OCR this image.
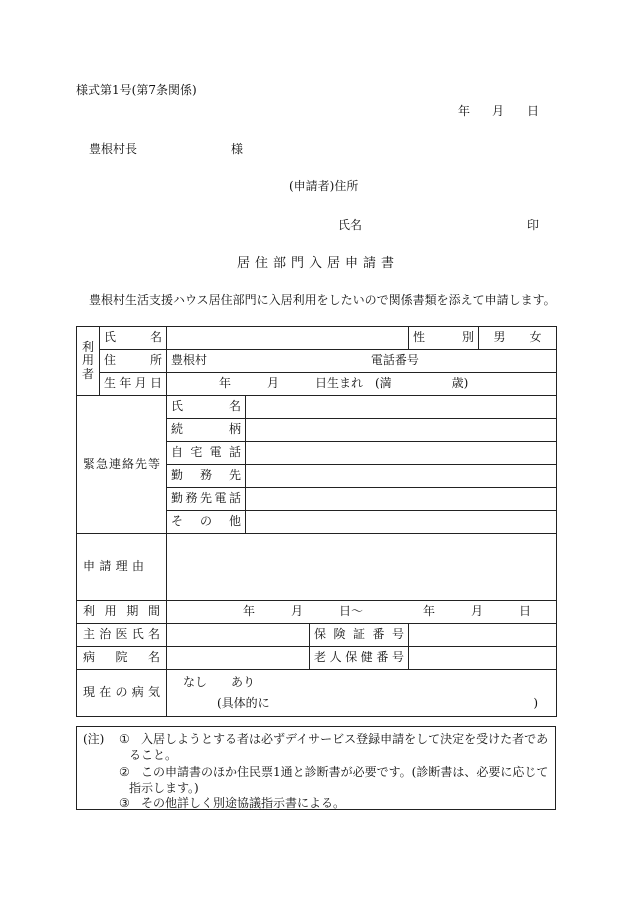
様式第1号(第7条関係)
年 月 日
豊根村長	様
(申請者)住所
氏名	印
居住部門入居申請書
豊根村生活支援ハウス居住部門に入居利用をしたいので関係書類を添えて申請します。
利
用
者	氏名				性別	男　　女
	住所	豊根村 電話番号				
	生年月日	年　　　月　　　日生まれ　(満　　　　　歳)				
緊急連絡先等		氏名				
		続柄				
		自宅電話				
		勤務先				
		勤務先電話				
		その他				
申請理由						
利用期間		年　　　月　　　日〜　　　　　年　　　月　　　日				
主治医氏名				保険証番号		
病院名				老人保健番号		
現在の病気		なし　　あり
(具体的に )				
(注) ① 入居しようとする者は必ずデイサービス登録申請をして決定を受けた者であ
ること。
② この申請書のほか住民票1通と診断書が必要です。(診断書は、必要に応じて
指示します。)
③ その他詳しく別途協議指示書による。
